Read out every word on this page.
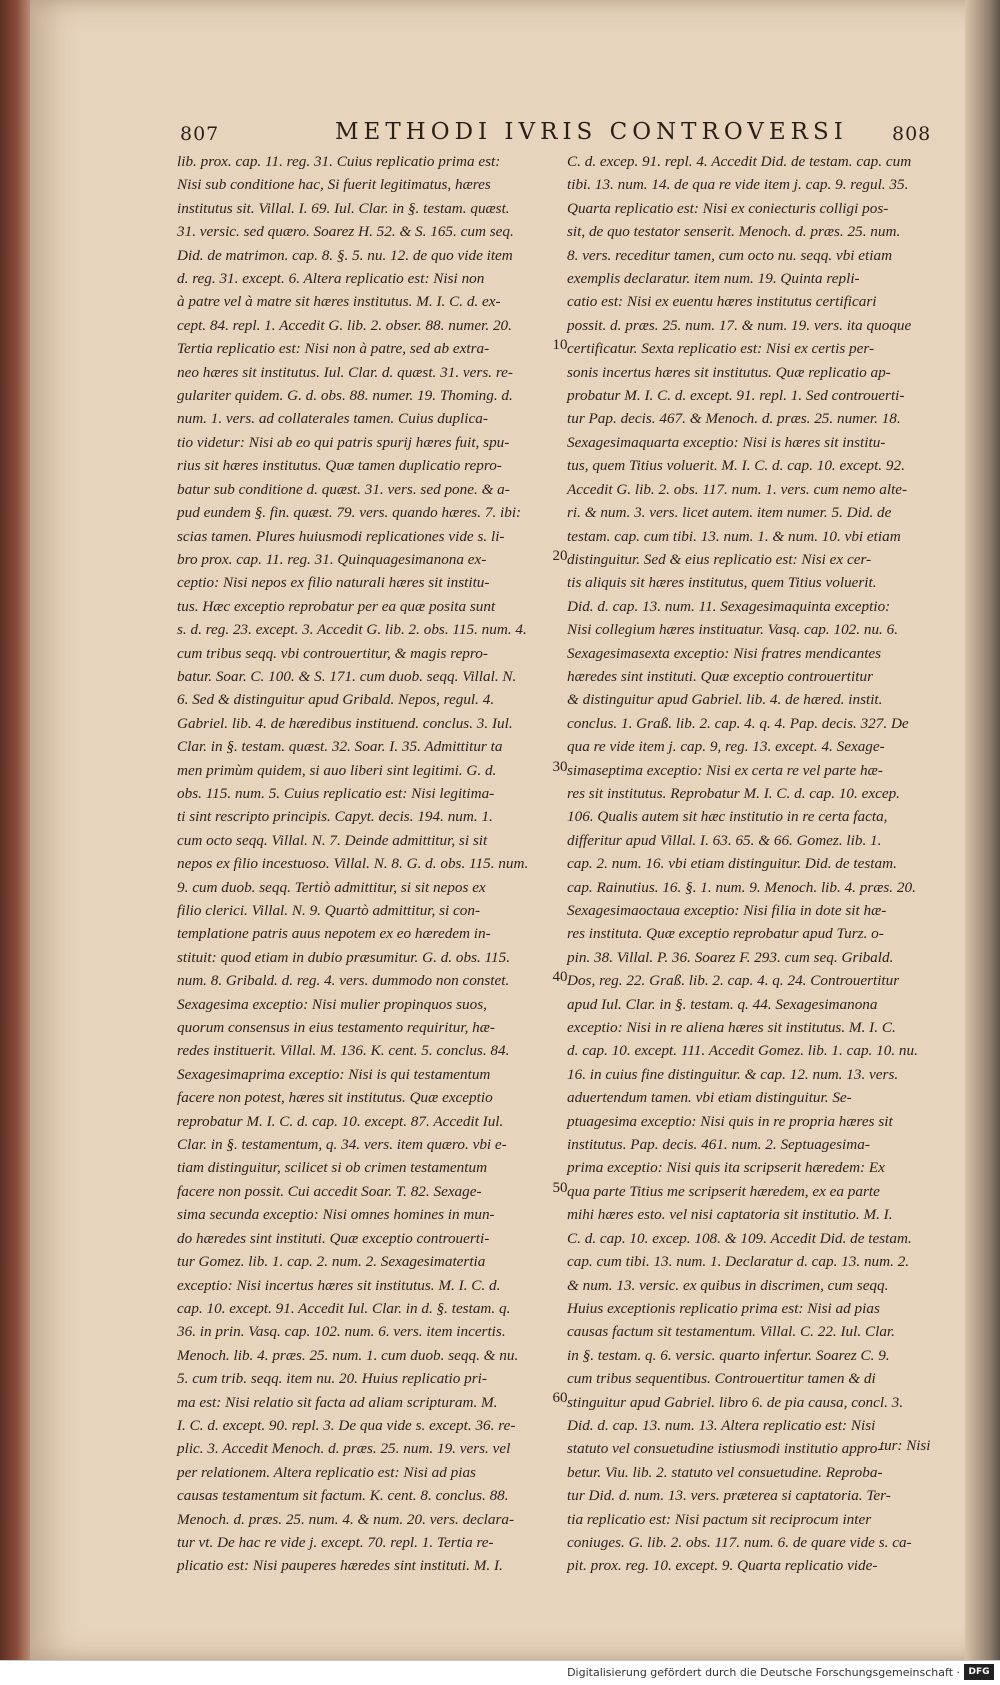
807	METHODI IVRIS CONTROVERSI	808
lib. prox. cap. 11. reg. 31. Cuius replicatio prima est:
Nisi sub conditione hac, Si fuerit legitimatus, hæres
institutus sit. Villal. I. 69. Iul. Clar. in §. testam. quæst.
31. versic. sed quæro. Soarez H. 52. & S. 165. cum seq.
Did. de matrimon. cap. 8. §. 5. nu. 12. de quo vide item
d. reg. 31. except. 6. Altera replicatio est: Nisi non
à patre vel à matre sit hæres institutus. M. I. C. d. ex-
cept. 84. repl. 1. Accedit G. lib. 2. obser. 88. numer. 20.
Tertia replicatio est: Nisi non à patre, sed ab extra-
neo hæres sit institutus. Iul. Clar. d. quæst. 31. vers. re-
gulariter quidem. G. d. obs. 88. numer. 19. Thoming. d.
num. 1. vers. ad collaterales tamen. Cuius duplica-
tio videtur: Nisi ab eo qui patris spurij hæres fuit, spu-
rius sit hæres institutus. Quæ tamen duplicatio repro-
batur sub conditione d. quæst. 31. vers. sed pone. & a-
pud eundem §. fin. quæst. 79. vers. quando hæres. 7. ibi:
scias tamen. Plures huiusmodi replicationes vide s. li-
bro prox. cap. 11. reg. 31. Quinquagesimanona ex-
ceptio: Nisi nepos ex filio naturali hæres sit institu-
tus. Hæc exceptio reprobatur per ea quæ posita sunt
s. d. reg. 23. except. 3. Accedit G. lib. 2. obs. 115. num. 4.
cum tribus seqq. vbi controuertitur, & magis repro-
batur. Soar. C. 100. & S. 171. cum duob. seqq. Villal. N.
6. Sed & distinguitur apud Gribald. Nepos, regul. 4.
Gabriel. lib. 4. de hæredibus instituend. conclus. 3. Iul.
Clar. in §. testam. quæst. 32. Soar. I. 35. Admittitur ta
men primùm quidem, si auo liberi sint legitimi. G. d.
obs. 115. num. 5. Cuius replicatio est: Nisi legitima-
ti sint rescripto principis. Capyt. decis. 194. num. 1.
cum octo seqq. Villal. N. 7. Deinde admittitur, si sit
nepos ex filio incestuoso. Villal. N. 8. G. d. obs. 115. num.
9. cum duob. seqq. Tertiò admittitur, si sit nepos ex
filio clerici. Villal. N. 9. Quartò admittitur, si con-
templatione patris auus nepotem ex eo hæredem in-
stituit: quod etiam in dubio præsumitur. G. d. obs. 115.
num. 8. Gribald. d. reg. 4. vers. dummodo non constet.
Sexagesima exceptio: Nisi mulier propinquos suos,
quorum consensus in eius testamento requiritur, hæ-
redes instituerit. Villal. M. 136. K. cent. 5. conclus. 84.
Sexagesimaprima exceptio: Nisi is qui testamentum
facere non potest, hæres sit institutus. Quæ exceptio
reprobatur M. I. C. d. cap. 10. except. 87. Accedit Iul.
Clar. in §. testamentum, q. 34. vers. item quæro. vbi e-
tiam distinguitur, scilicet si ob crimen testamentum
facere non possit. Cui accedit Soar. T. 82. Sexage-
sima secunda exceptio: Nisi omnes homines in mun-
do hæredes sint instituti. Quæ exceptio controuerti-
tur Gomez. lib. 1. cap. 2. num. 2. Sexagesimatertia
exceptio: Nisi incertus hæres sit institutus. M. I. C. d.
cap. 10. except. 91. Accedit Iul. Clar. in d. §. testam. q.
36. in prin. Vasq. cap. 102. num. 6. vers. item incertis.
Menoch. lib. 4. præs. 25. num. 1. cum duob. seqq. & nu.
5. cum trib. seqq. item nu. 20. Huius replicatio pri-
ma est: Nisi relatio sit facta ad aliam scripturam. M.
I. C. d. except. 90. repl. 3. De qua vide s. except. 36. re-
plic. 3. Accedit Menoch. d. præs. 25. num. 19. vers. vel
per relationem. Altera replicatio est: Nisi ad pias
causas testamentum sit factum. K. cent. 8. conclus. 88.
Menoch. d. præs. 25. num. 4. & num. 20. vers. declara-
tur vt. De hac re vide j. except. 70. repl. 1. Tertia re-
plicatio est: Nisi pauperes hæredes sint instituti. M. I.
C. d. excep. 91. repl. 4. Accedit Did. de testam. cap. cum
tibi. 13. num. 14. de qua re vide item j. cap. 9. regul. 35.
Quarta replicatio est: Nisi ex coniecturis colligi pos-
sit, de quo testator senserit. Menoch. d. præs. 25. num.
8. vers. receditur tamen, cum octo nu. seqq. vbi etiam
exemplis declaratur. item num. 19. Quinta repli-
catio est: Nisi ex euentu hæres institutus certificari
possit. d. præs. 25. num. 17. & num. 19. vers. ita quoque
certificatur. Sexta replicatio est: Nisi ex certis per-
sonis incertus hæres sit institutus. Quæ replicatio ap-
probatur M. I. C. d. except. 91. repl. 1. Sed controuerti-
tur Pap. decis. 467. & Menoch. d. præs. 25. numer. 18.
Sexagesimaquarta exceptio: Nisi is hæres sit institu-
tus, quem Titius voluerit. M. I. C. d. cap. 10. except. 92.
Accedit G. lib. 2. obs. 117. num. 1. vers. cum nemo alte-
ri. & num. 3. vers. licet autem. item numer. 5. Did. de
testam. cap. cum tibi. 13. num. 1. & num. 10. vbi etiam
distinguitur. Sed & eius replicatio est: Nisi ex cer-
tis aliquis sit hæres institutus, quem Titius voluerit.
Did. d. cap. 13. num. 11. Sexagesimaquinta exceptio:
Nisi collegium hæres instituatur. Vasq. cap. 102. nu. 6.
Sexagesimasexta exceptio: Nisi fratres mendicantes
hæredes sint instituti. Quæ exceptio controuertitur
& distinguitur apud Gabriel. lib. 4. de hæred. instit.
conclus. 1. Graß. lib. 2. cap. 4. q. 4. Pap. decis. 327. De
qua re vide item j. cap. 9, reg. 13. except. 4. Sexage-
simaseptima exceptio: Nisi ex certa re vel parte hæ-
res sit institutus. Reprobatur M. I. C. d. cap. 10. excep.
106. Qualis autem sit hæc institutio in re certa facta,
differitur apud Villal. I. 63. 65. & 66. Gomez. lib. 1.
cap. 2. num. 16. vbi etiam distinguitur. Did. de testam.
cap. Rainutius. 16. §. 1. num. 9. Menoch. lib. 4. præs. 20.
Sexagesimaoctaua exceptio: Nisi filia in dote sit hæ-
res instituta. Quæ exceptio reprobatur apud Turz. o-
pin. 38. Villal. P. 36. Soarez F. 293. cum seq. Gribald.
Dos, reg. 22. Graß. lib. 2. cap. 4. q. 24. Controuertitur
apud Iul. Clar. in §. testam. q. 44. Sexagesimanona
exceptio: Nisi in re aliena hæres sit institutus. M. I. C.
d. cap. 10. except. 111. Accedit Gomez. lib. 1. cap. 10. nu.
16. in cuius fine distinguitur. & cap. 12. num. 13. vers.
aduertendum tamen. vbi etiam distinguitur. Se-
ptuagesima exceptio: Nisi quis in re propria hæres sit
institutus. Pap. decis. 461. num. 2. Septuagesima-
prima exceptio: Nisi quis ita scripserit hæredem: Ex
qua parte Titius me scripserit hæredem, ex ea parte
mihi hæres esto. vel nisi captatoria sit institutio. M. I.
C. d. cap. 10. excep. 108. & 109. Accedit Did. de testam.
cap. cum tibi. 13. num. 1. Declaratur d. cap. 13. num. 2.
& num. 13. versic. ex quibus in discrimen, cum seqq.
Huius exceptionis replicatio prima est: Nisi ad pias
causas factum sit testamentum. Villal. C. 22. Iul. Clar.
in §. testam. q. 6. versic. quarto infertur. Soarez C. 9.
cum tribus sequentibus. Controuertitur tamen & di
stinguitur apud Gabriel. libro 6. de pia causa, concl. 3.
Did. d. cap. 13. num. 13. Altera replicatio est: Nisi
statuto vel consuetudine istiusmodi institutio appro-
betur. Viu. lib. 2. statuto vel consuetudine. Reproba-
tur Did. d. num. 13. vers. præterea si captatoria. Ter-
tia replicatio est: Nisi pactum sit reciprocum inter
coniuges. G. lib. 2. obs. 117. num. 6. de quare vide s. ca-
pit. prox. reg. 10. except. 9. Quarta replicatio vide-
10
20
30
40
50
60
tur: Nisi
Digitalisierung gefördert durch die Deutsche Forschungsgemeinschaft · DFG
